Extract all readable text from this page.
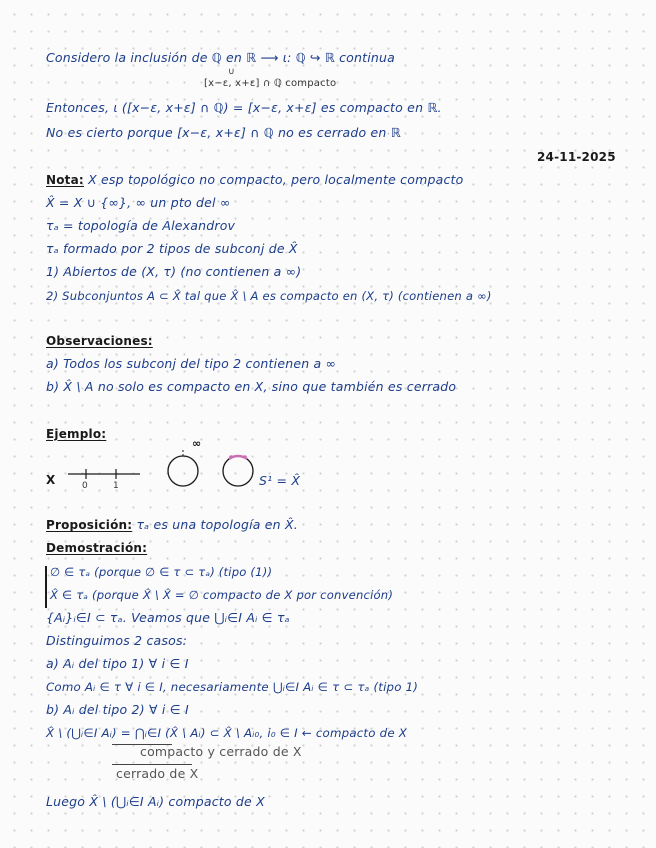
Considero la inclusión de ℚ en ℝ ⟶ ι: ℚ ↪ ℝ continua
∪
[x−ε, x+ε] ∩ ℚ compacto
Entonces, ι ([x−ε, x+ε] ∩ ℚ) = [x−ε, x+ε] es compacto en ℝ.
No es cierto porque [x−ε, x+ε] ∩ ℚ no es cerrado en ℝ
24-11-2025
Nota: X esp topológico no compacto, pero localmente compacto
X̂ = X ∪ {∞}, ∞ un pto del ∞
τₐ = topología de Alexandrov
τₐ formado por 2 tipos de subconj de X̂
1) Abiertos de (X, τ) (no contienen a ∞)
2) Subconjuntos A ⊂ X̂ tal que X̂ \ A es compacto en (X, τ) (contienen a ∞)
Observaciones:
a) Todos los subconj del tipo 2 contienen a ∞
b) X̂ \ A no solo es compacto en X, sino que también es cerrado
Ejemplo:
X	0	1
∞
S¹ = X̂
Proposición: τₐ es una topología en X̂.
Demostración:
∅ ∈ τₐ (porque ∅ ∈ τ ⊂ τₐ) (tipo (1))
X̂ ∈ τₐ (porque X̂ \ X̂ = ∅ compacto de X por convención)
{Aᵢ}ᵢ∈I ⊂ τₐ. Veamos que ⋃ᵢ∈I Aᵢ ∈ τₐ
Distinguimos 2 casos:
a) Aᵢ del tipo 1) ∀ i ∈ I
Como Aᵢ ∈ τ ∀ i ∈ I, necesariamente ⋃ᵢ∈I Aᵢ ∈ τ ⊂ τₐ (tipo 1)
b) Aᵢ del tipo 2) ∀ i ∈ I
X̂ \ (⋃ᵢ∈I Aᵢ) = ⋂ᵢ∈I (X̂ \ Aᵢ) ⊂ X̂ \ Aᵢ₀, i₀ ∈ I ← compacto de X
compacto y cerrado de X
cerrado de X
Luego X̂ \ (⋃ᵢ∈I Aᵢ) compacto de X
